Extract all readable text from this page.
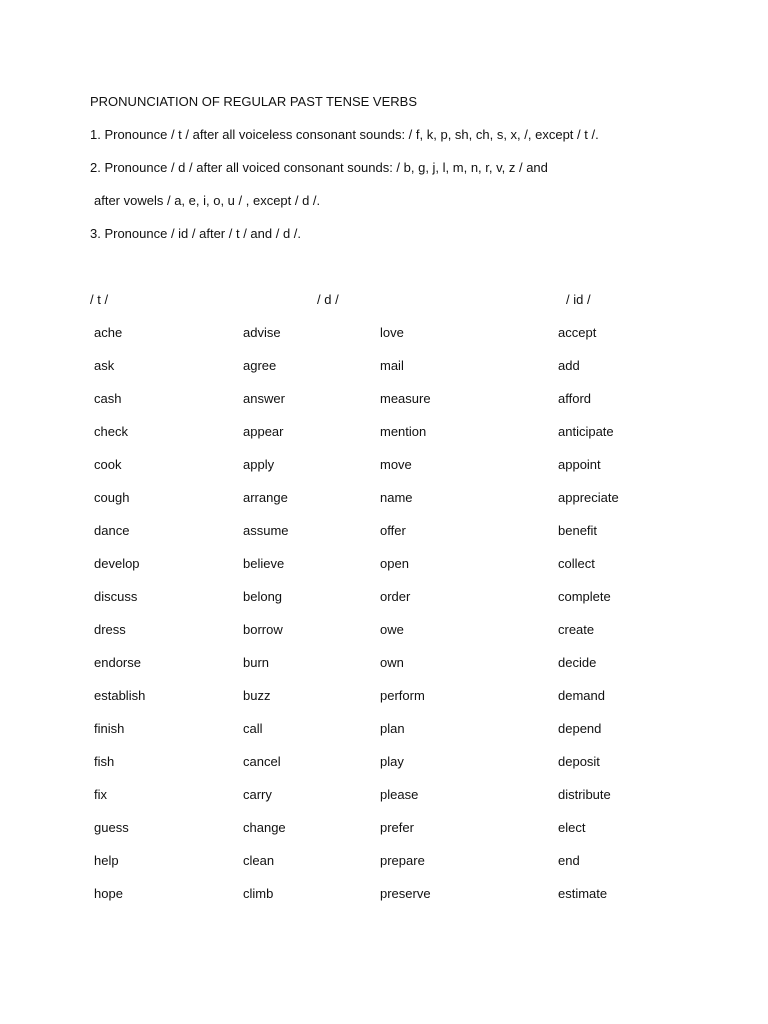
PRONUNCIATION OF REGULAR PAST TENSE VERBS
1. Pronounce / t / after all voiceless consonant sounds: / f, k, p, sh, ch, s, x, /, except / t /.
2. Pronounce / d / after all voiced consonant sounds: / b, g, j, l, m, n, r, v, z / and
after vowels / a, e, i, o, u / , except / d /.
3. Pronounce / id / after / t / and / d /.
/ t /	/ d /	/ id /
ache
ask
cash
check
cook
cough
dance
develop
discuss
dress
endorse
establish
finish
fish
fix
guess
help
hope
advise
agree
answer
appear
apply
arrange
assume
believe
belong
borrow
burn
buzz
call
cancel
carry
change
clean
climb
love
mail
measure
mention
move
name
offer
open
order
owe
own
perform
plan
play
please
prefer
prepare
preserve
accept
add
afford
anticipate
appoint
appreciate
benefit
collect
complete
create
decide
demand
depend
deposit
distribute
elect
end
estimate
